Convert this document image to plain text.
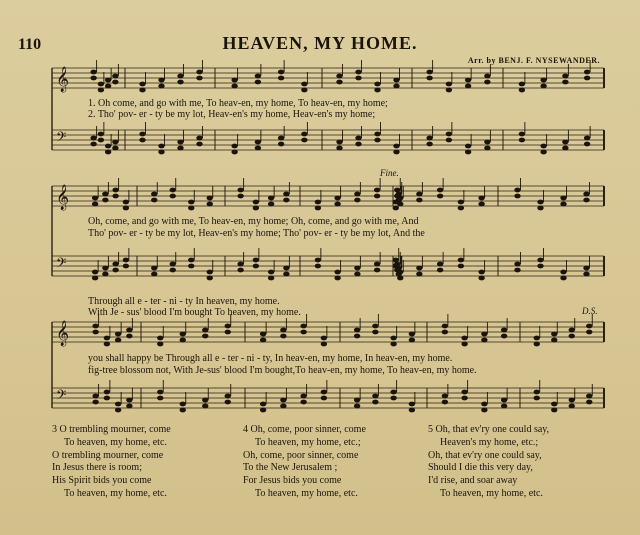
110	HEAVEN, MY HOME.
Arr. by BENJ. F. NYSEWANDER.
𝄞
𝄢
𝄞
𝄢
𝄞
𝄢
Fine.
D.S.
1. Oh come, and go with me, To heav-en, my home, To heav-en, my home;
2. Tho' pov- er - ty be my lot, Heav-en's my home, Heav-en's my home;
Oh, come, and go with me, To heav-en, my home; Oh, come, and go with me, And
Tho' pov- er - ty be my lot, Heav-en's my home; Tho' pov- er - ty be my lot, And the
Through all e - ter - ni - ty In heaven, my home.
With Je - sus' blood I'm bought To heaven, my home.
you shall happy be Through all e - ter - ni - ty, In heav-en, my home, In heav-en, my home.
fig-tree blossom not, With Je-sus' blood I'm bought,To heav-en, my home, To heav-en, my home.
3 O trembling mourner, come
To heaven, my home, etc.
O trembling mourner, come
In Jesus there is room;
His Spirit bids you come
To heaven, my home, etc.
4 Oh, come, poor sinner, come
To heaven, my home, etc.;
Oh, come, poor sinner, come
To the New Jerusalem ;
For Jesus bids you come
To heaven, my home, etc.
5 Oh, that ev'ry one could say,
Heaven's my home, etc.;
Oh, that ev'ry one could say,
Should I die this very day,
I'd rise, and soar away
To heaven, my home, etc.
